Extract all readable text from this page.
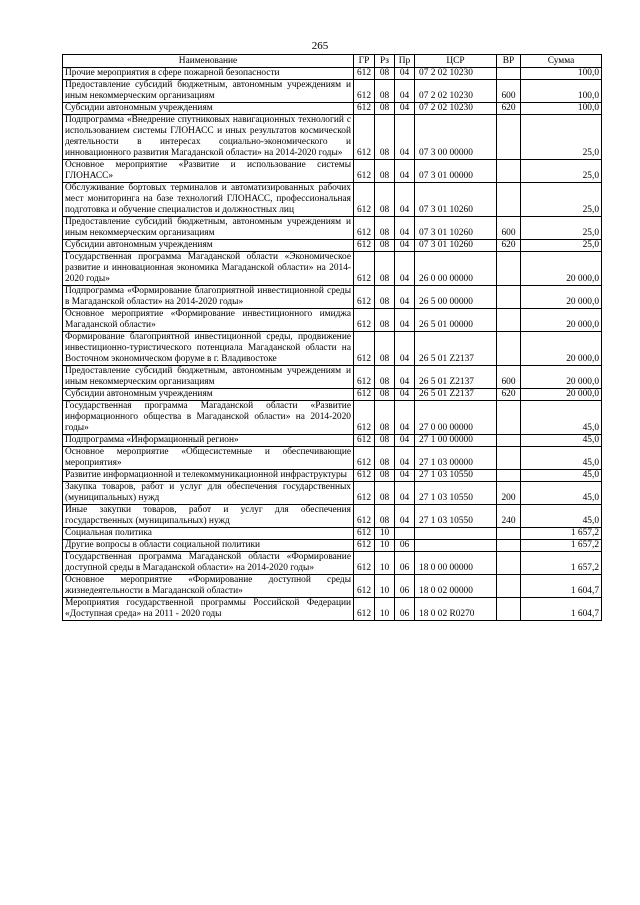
265
Наименование	ГР	Рз	Пр	ЦСР	ВР	Сумма
Прочие мероприятия в сфере пожарной безопасности	612	08	04	07 2 02 10230		100,0
Предоставление субсидий бюджетным, автономным учреждениям и иным некоммерческим организациям	612	08	04	07 2 02 10230	600	100,0
Субсидии автономным учреждениям	612	08	04	07 2 02 10230	620	100,0
Подпрограмма «Внедрение спутниковых навигационных технологий с использованием системы ГЛОНАСС и иных результатов космической деятельности в интересах социально-экономического и инновационного развития Магаданской области» на 2014-2020 годы»	612	08	04	07 3 00 00000		25,0
Основное мероприятие «Развитие и использование системы ГЛОНАСС»	612	08	04	07 3 01 00000		25,0
Обслуживание бортовых терминалов и автоматизированных рабочих мест мониторинга на базе технологий ГЛОНАСС, профессиональная подготовка и обучение специалистов и должностных лиц	612	08	04	07 3 01 10260		25,0
Предоставление субсидий бюджетным, автономным учреждениям и иным некоммерческим организациям	612	08	04	07 3 01 10260	600	25,0
Субсидии автономным учреждениям	612	08	04	07 3 01 10260	620	25,0
Государственная программа Магаданской области «Экономическое развитие и инновационная экономика Магаданской области» на 2014-2020 годы»	612	08	04	26 0 00 00000		20 000,0
Подпрограмма «Формирование благоприятной инвестиционной среды в Магаданской области» на 2014-2020 годы»	612	08	04	26 5 00 00000		20 000,0
Основное мероприятие «Формирование инвестиционного имиджа Магаданской области»	612	08	04	26 5 01 00000		20 000,0
Формирование благоприятной инвестиционной среды, продвижение инвестиционно-туристического потенциала Магаданской области на Восточном экономическом форуме в г. Владивостоке	612	08	04	26 5 01 Z2137		20 000,0
Предоставление субсидий бюджетным, автономным учреждениям и иным некоммерческим организациям	612	08	04	26 5 01 Z2137	600	20 000,0
Субсидии автономным учреждениям	612	08	04	26 5 01 Z2137	620	20 000,0
Государственная программа Магаданской области «Развитие информационного общества в Магаданской области» на 2014-2020 годы»	612	08	04	27 0 00 00000		45,0
Подпрограмма «Информационный регион»	612	08	04	27 1 00 00000		45,0
Основное мероприятие «Общесистемные и обеспечивающие мероприятия»	612	08	04	27 1 03 00000		45,0
Развитие информационной и телекоммуникационной инфраструктуры	612	08	04	27 1 03 10550		45,0
Закупка товаров, работ и услуг для обеспечения государственных (муниципальных) нужд	612	08	04	27 1 03 10550	200	45,0
Иные закупки товаров, работ и услуг для обеспечения государственных (муниципальных) нужд	612	08	04	27 1 03 10550	240	45,0
Социальная политика	612	10				1 657,2
Другие вопросы в области социальной политики	612	10	06			1 657,2
Государственная программа Магаданской области «Формирование доступной среды в Магаданской области» на 2014-2020 годы»	612	10	06	18 0 00 00000		1 657,2
Основное мероприятие «Формирование доступной среды жизнедеятельности в Магаданской области»	612	10	06	18 0 02 00000		1 604,7
Мероприятия государственной программы Российской Федерации «Доступная среда» на 2011 - 2020 годы	612	10	06	18 0 02 R0270		1 604,7
